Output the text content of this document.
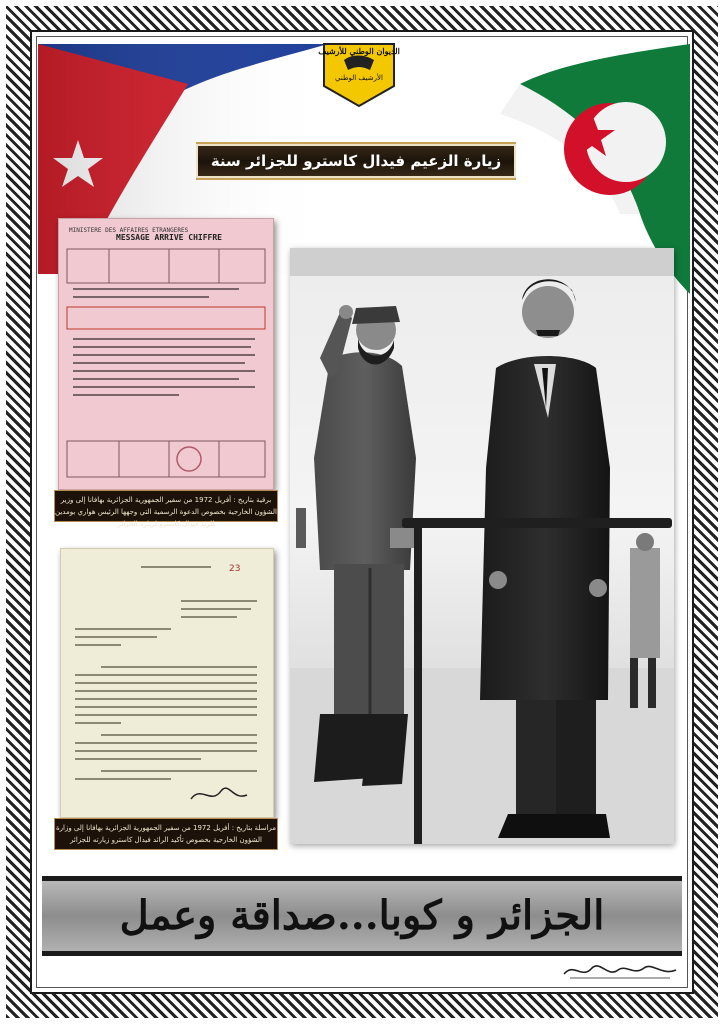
الديوان الوطني للأرشيف
الأرشيف الوطني
زيارة الزعيم فيدال كاسترو للجزائر سنة 1972
MINISTERE DES AFFAIRES ETRANGERES
MESSAGE ARRIVE CHIFFRE
برقية بتاريخ : أفريل 1972 من سفير الجمهورية الجزائرية بهافانا إلى وزير الشؤون الخارجية بخصوص الدعوة الرسمية التي وجهها الرئيس هواري بومدين للرئد فيدال كاسترو لزيارة الجزائر
23
مراسلة بتاريخ : أفريل 1972 من سفير الجمهورية الجزائرية بهافانا إلى وزارة الشؤون الخارجية بخصوص تأكيد الرائد فيدال كاسترو زيارته للجزائر
الجزائر و كوبا...صداقة وعمل
